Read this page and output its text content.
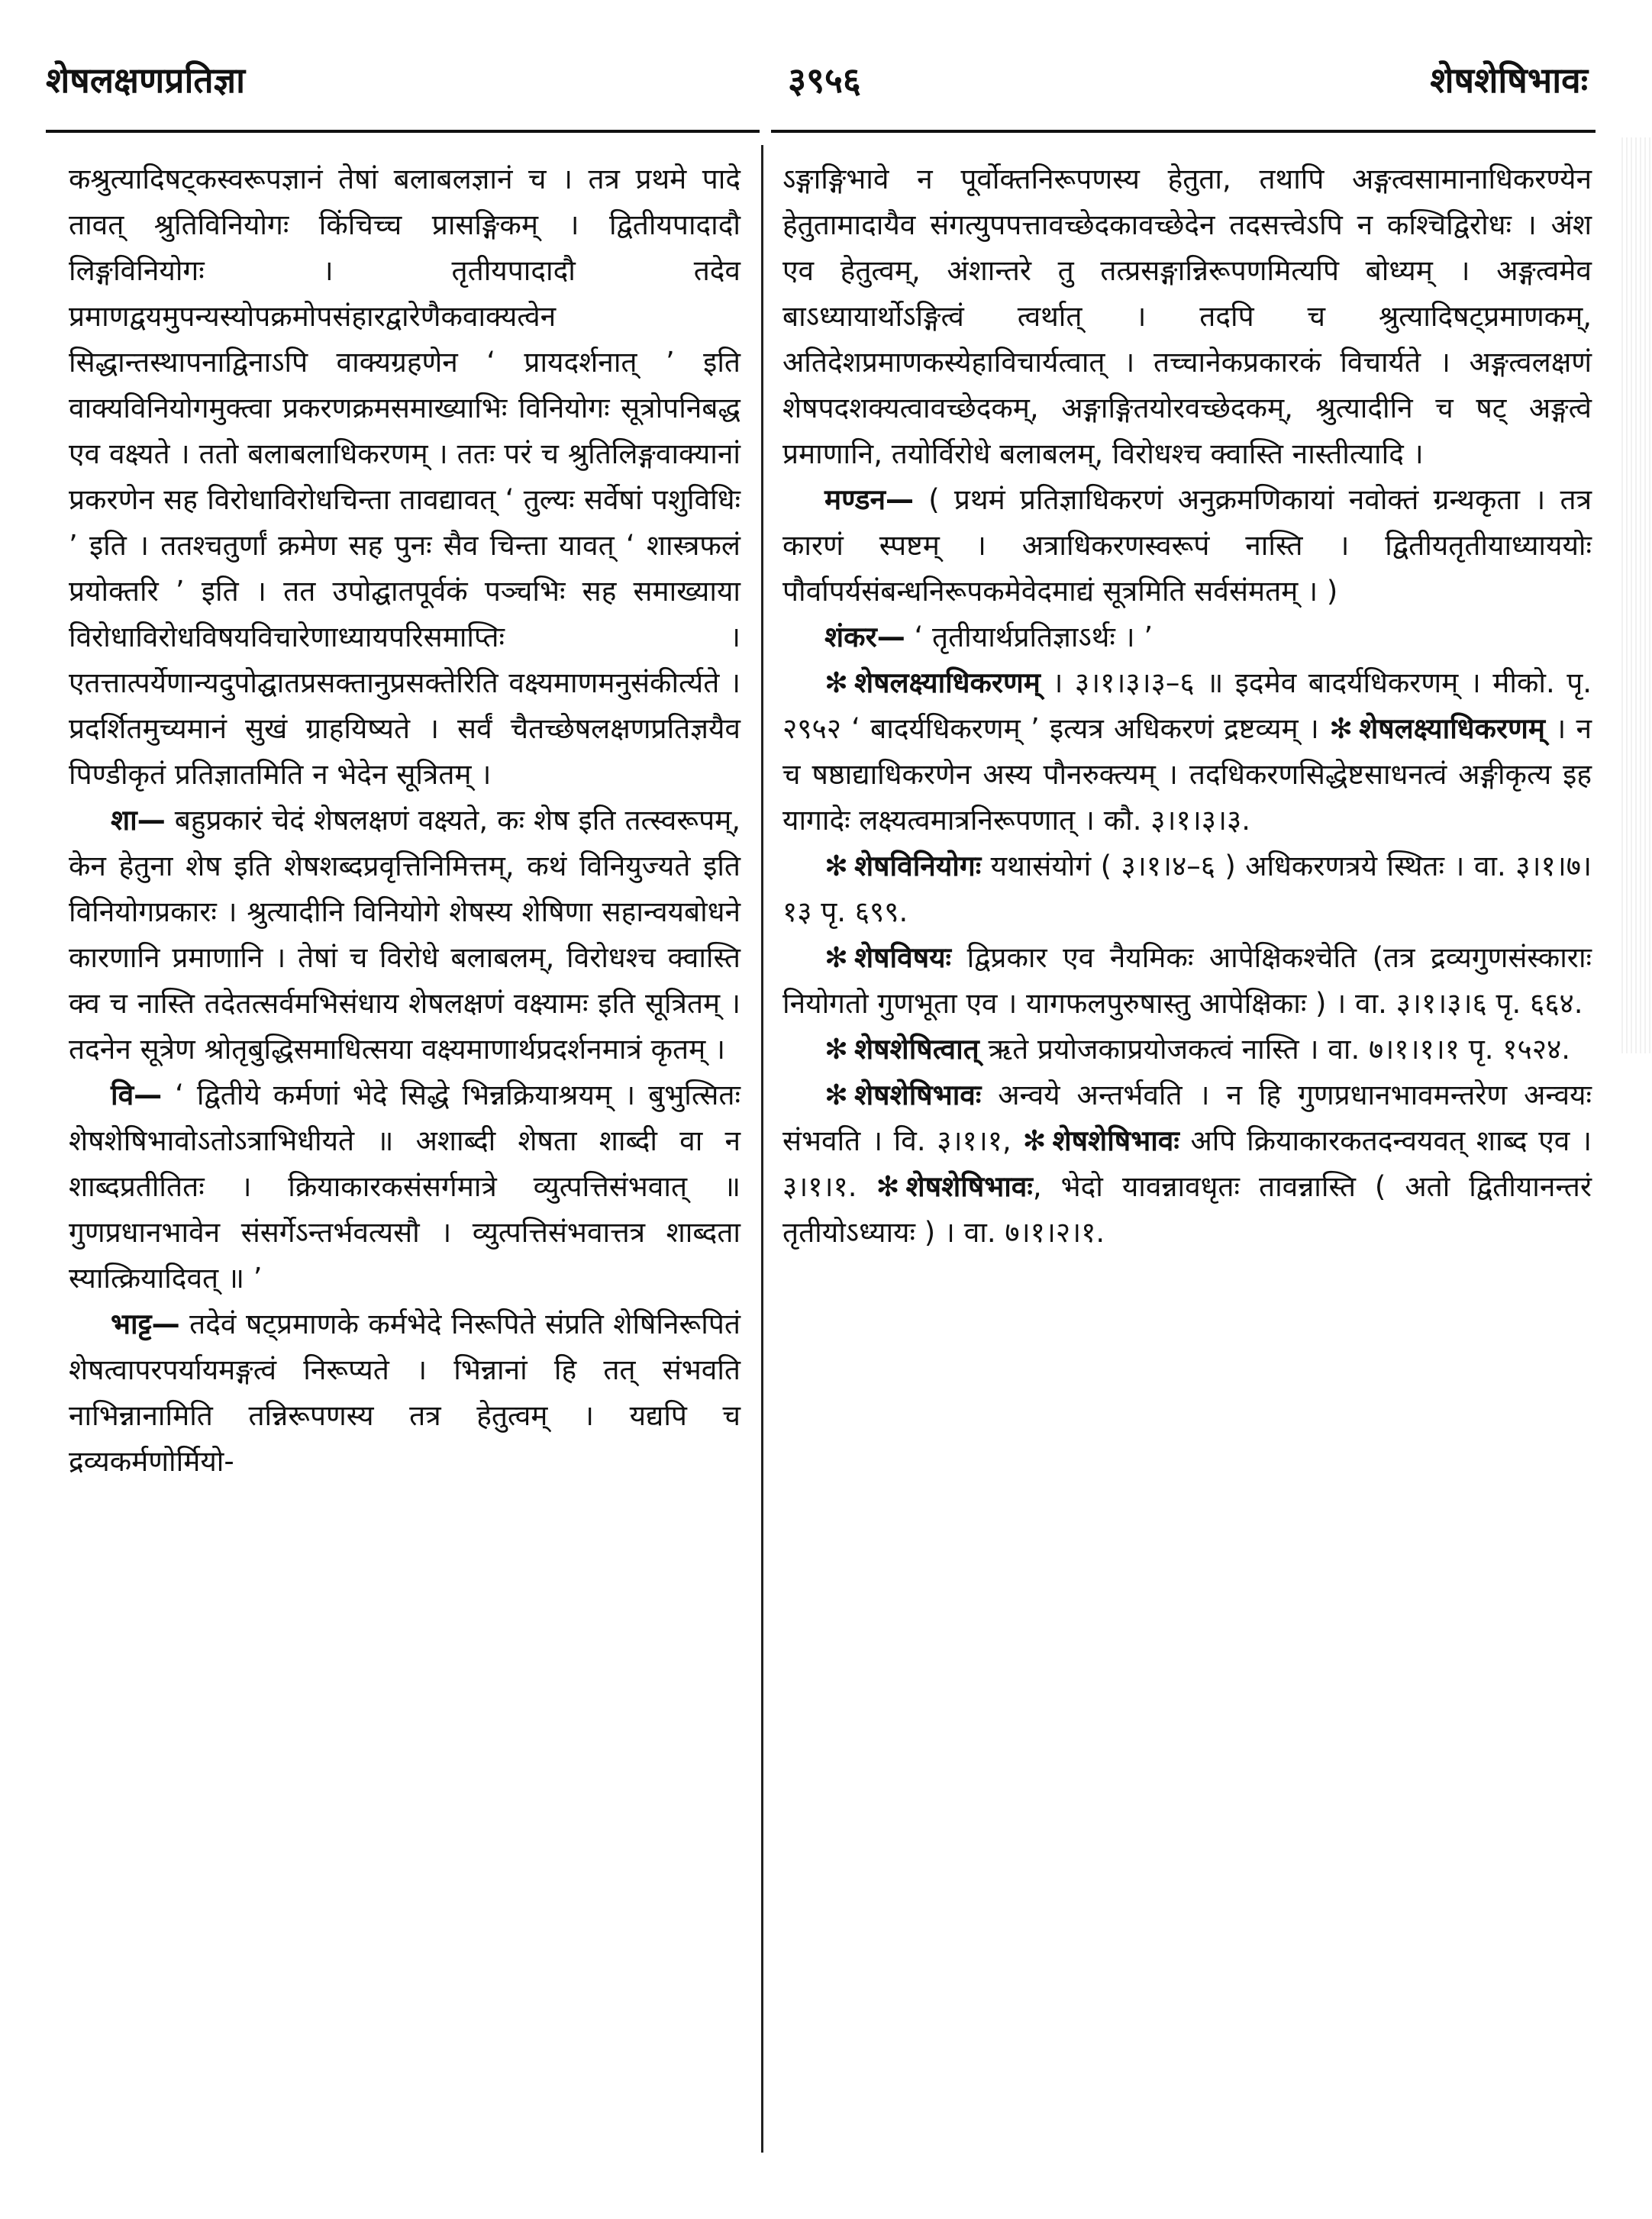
शेषलक्षणप्रतिज्ञा	३९५६	शेषशेषिभावः

कश्रुत्यादिषट्कस्वरूपज्ञानं तेषां बलाबलज्ञानं च । तत्र प्रथमे पादे तावत् श्रुतिविनियोगः किंचिच्च प्रासङ्गिकम् । द्वितीयपादादौ लिङ्गविनियोगः । तृतीयपादादौ तदेव प्रमाणद्वयमुपन्यस्योपक्रमोपसंहारद्वारेणैकवाक्यत्वेन सिद्धान्तस्थापनाद्विनाऽपि वाक्यग्रहणेन ‘ प्रायदर्शनात् ’ इति वाक्यविनियोगमुक्त्वा प्रकरणक्रमसमाख्याभिः विनियोगः सूत्रोपनिबद्ध एव वक्ष्यते । ततो बलाबलाधिकरणम् । ततः परं च श्रुतिलिङ्गवाक्यानां प्रकरणेन सह विरोधाविरोधचिन्ता तावद्यावत् ‘ तुल्यः सर्वेषां पशुविधिः ’ इति । ततश्चतुर्णां क्रमेण सह पुनः सैव चिन्ता यावत् ‘ शास्त्रफलं प्रयोक्तरि ’ इति । तत उपोद्घातपूर्वकं पञ्चभिः सह समाख्याया विरोधाविरोधविषयविचारेणाध्यायपरिसमाप्तिः । एतत्तात्पर्येणान्यदुपोद्घातप्रसक्तानुप्रसक्तेरिति वक्ष्यमाणमनुसंकीर्त्यते । प्रदर्शितमुच्यमानं सुखं ग्राहयिष्यते । सर्वं चैतच्छेषलक्षणप्रतिज्ञयैव पिण्डीकृतं प्रतिज्ञातमिति न भेदेन सूत्रितम् ।

शा— बहुप्रकारं चेदं शेषलक्षणं वक्ष्यते, कः शेष इति तत्स्वरूपम्, केन हेतुना शेष इति शेषशब्दप्रवृत्तिनिमित्तम्, कथं विनियुज्यते इति विनियोगप्रकारः । श्रुत्यादीनि विनियोगे शेषस्य शेषिणा सहान्वयबोधने कारणानि प्रमाणानि । तेषां च विरोधे बलाबलम्, विरोधश्च क्वास्ति क्व च नास्ति तदेतत्सर्वमभिसंधाय शेषलक्षणं वक्ष्यामः इति सूत्रितम् । तदनेन सूत्रेण श्रोतृबुद्धिसमाधित्सया वक्ष्यमाणार्थप्रदर्शनमात्रं कृतम् ।

वि— ‘ द्वितीये कर्मणां भेदे सिद्धे भिन्नक्रियाश्रयम् । बुभुत्सितः शेषशेषिभावोऽतोऽत्राभिधीयते ॥ अशाब्दी शेषता शाब्दी वा न शाब्दप्रतीतितः । क्रियाकारकसंसर्गमात्रे व्युत्पत्तिसंभवात् ॥ गुणप्रधानभावेन संसर्गेऽन्तर्भवत्यसौ । व्युत्पत्तिसंभवात्तत्र शाब्दता स्यात्क्रियादिवत् ॥ ’

भाट्ट— तदेवं षट्प्रमाणके कर्मभेदे निरूपिते संप्रति शेषिनिरूपितं शेषत्वापरपर्यायमङ्गत्वं निरूप्यते । भिन्नानां हि तत् संभवति नाभिन्नानामिति तन्निरूपणस्य तत्र हेतुत्वम् । यद्यपि च द्रव्यकर्मणोर्मियो-

ऽङ्गाङ्गिभावे न पूर्वोक्तनिरूपणस्य हेतुता, तथापि अङ्गत्वसामानाधिकरण्येन हेतुतामादायैव संगत्युपपत्तावच्छेदकावच्छेदेन तदसत्त्वेऽपि न कश्चिद्विरोधः । अंश एव हेतुत्वम्, अंशान्तरे तु तत्प्रसङ्गान्निरूपणमित्यपि बोध्यम् । अङ्गत्वमेव बाऽध्यायार्थोऽङ्गित्वं त्वर्थात् । तदपि च श्रुत्यादिषट्प्रमाणकम्, अतिदेशप्रमाणकस्येहाविचार्यत्वात् । तच्चानेकप्रकारकं विचार्यते । अङ्गत्वलक्षणं शेषपदशक्यत्वावच्छेदकम्, अङ्गाङ्गितयोरवच्छेदकम्, श्रुत्यादीनि च षट् अङ्गत्वे प्रमाणानि, तयोर्विरोधे बलाबलम्, विरोधश्च क्वास्ति नास्तीत्यादि ।

मण्डन— ( प्रथमं प्रतिज्ञाधिकरणं अनुक्रमणिकायां नवोक्तं ग्रन्थकृता । तत्र कारणं स्पष्टम् । अत्राधिकरणस्वरूपं नास्ति । द्वितीयतृतीयाध्याययोः पौर्वापर्यसंबन्धनिरूपकमेवेदमाद्यं सूत्रमिति सर्वसंमतम् । )

शंकर— ‘ तृतीयार्थप्रतिज्ञाऽर्थः । ’

✻ शेषलक्ष्याधिकरणम् । ३।१।३।३–६ ॥ इदमेव बादर्यधिकरणम् । मीको. पृ. २९५२ ‘ बादर्यधिकरणम् ’ इत्यत्र अधिकरणं द्रष्टव्यम् । ✻ शेषलक्ष्याधिकरणम् । न च षष्ठाद्याधिकरणेन अस्य पौनरुक्त्यम् । तदधिकरणसिद्धेष्टसाधनत्वं अङ्गीकृत्य इह यागादेः लक्ष्यत्वमात्रनिरूपणात् । कौ. ३।१।३।३.

✻ शेषविनियोगः यथासंयोगं ( ३।१।४–६ ) अधिकरणत्रये स्थितः । वा. ३।१।७।१३ पृ. ६९९.

✻ शेषविषयः द्विप्रकार एव नैयमिकः आपेक्षिकश्चेति (तत्र द्रव्यगुणसंस्काराः नियोगतो गुणभूता एव । यागफलपुरुषास्तु आपेक्षिकाः ) । वा. ३।१।३।६ पृ. ६६४.

✻ शेषशेषित्वात् ऋते प्रयोजकाप्रयोजकत्वं नास्ति । वा. ७।१।१।१ पृ. १५२४.

✻ शेषशेषिभावः अन्वये अन्तर्भवति । न हि गुणप्रधानभावमन्तरेण अन्वयः संभवति । वि. ३।१।१, ✻ शेषशेषिभावः अपि क्रियाकारकतदन्वयवत् शाब्द एव । ३।१।१. ✻ शेषशेषिभावः, भेदो यावन्नावधृतः तावन्नास्ति ( अतो द्वितीयानन्तरं तृतीयोऽध्यायः ) । वा. ७।१।२।१.
